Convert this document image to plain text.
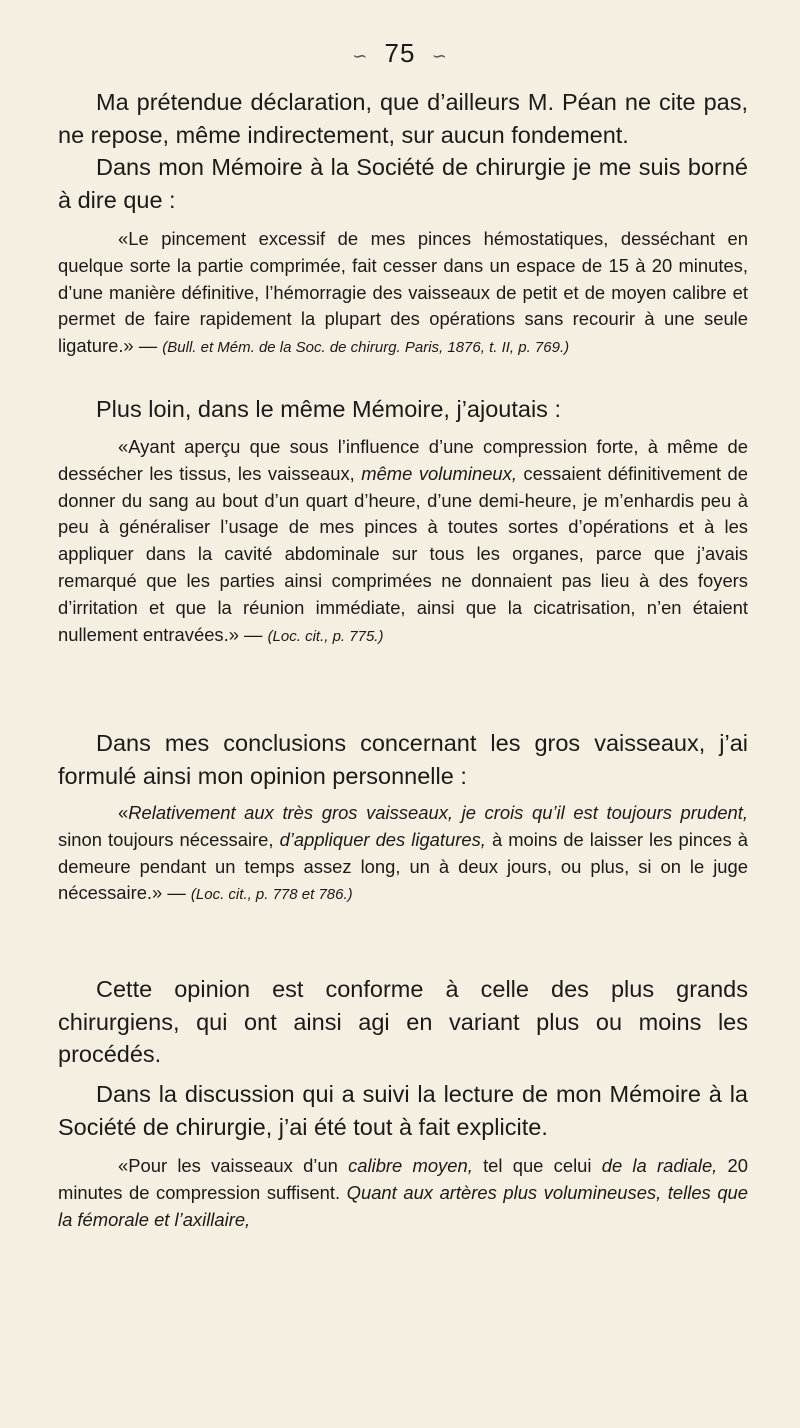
∽ 75 ∽

Ma prétendue déclaration, que d’ailleurs M. Péan ne cite pas, ne repose, même indirectement, sur aucun fondement.

Dans mon Mémoire à la Société de chirurgie je me suis borné à dire que :

«Le pincement excessif de mes pinces hémostatiques, desséchant en quelque sorte la partie comprimée, fait cesser dans un espace de 15 à 20 minutes, d’une manière définitive, l’hémorragie des vaisseaux de petit et de moyen calibre et permet de faire rapidement la plupart des opérations sans recourir à une seule ligature.» — (Bull. et Mém. de la Soc. de chirurg. Paris, 1876, t. II, p. 769.)

Plus loin, dans le même Mémoire, j’ajoutais :

«Ayant aperçu que sous l’influence d’une compression forte, à même de dessécher les tissus, les vaisseaux, même volumineux, cessaient définitivement de donner du sang au bout d’un quart d’heure, d’une demi-heure, je m’enhardis peu à peu à généraliser l’usage de mes pinces à toutes sortes d’opérations et à les appliquer dans la cavité abdominale sur tous les organes, parce que j’avais remarqué que les parties ainsi comprimées ne donnaient pas lieu à des foyers d’irritation et que la réunion immédiate, ainsi que la cicatrisation, n’en étaient nullement entravées.» — (Loc. cit., p. 775.)

Dans mes conclusions concernant les gros vaisseaux, j’ai formulé ainsi mon opinion personnelle :

«Relativement aux très gros vaisseaux, je crois qu’il est toujours prudent, sinon toujours nécessaire, d’appliquer des ligatures, à moins de laisser les pinces à demeure pendant un temps assez long, un à deux jours, ou plus, si on le juge nécessaire.» — (Loc. cit., p. 778 et 786.)

Cette opinion est conforme à celle des plus grands chirurgiens, qui ont ainsi agi en variant plus ou moins les procédés.

Dans la discussion qui a suivi la lecture de mon Mémoire à la Société de chirurgie, j’ai été tout à fait explicite.

«Pour les vaisseaux d’un calibre moyen, tel que celui de la radiale, 20 minutes de compression suffisent. Quant aux artères plus volumineuses, telles que la fémorale et l’axillaire,
